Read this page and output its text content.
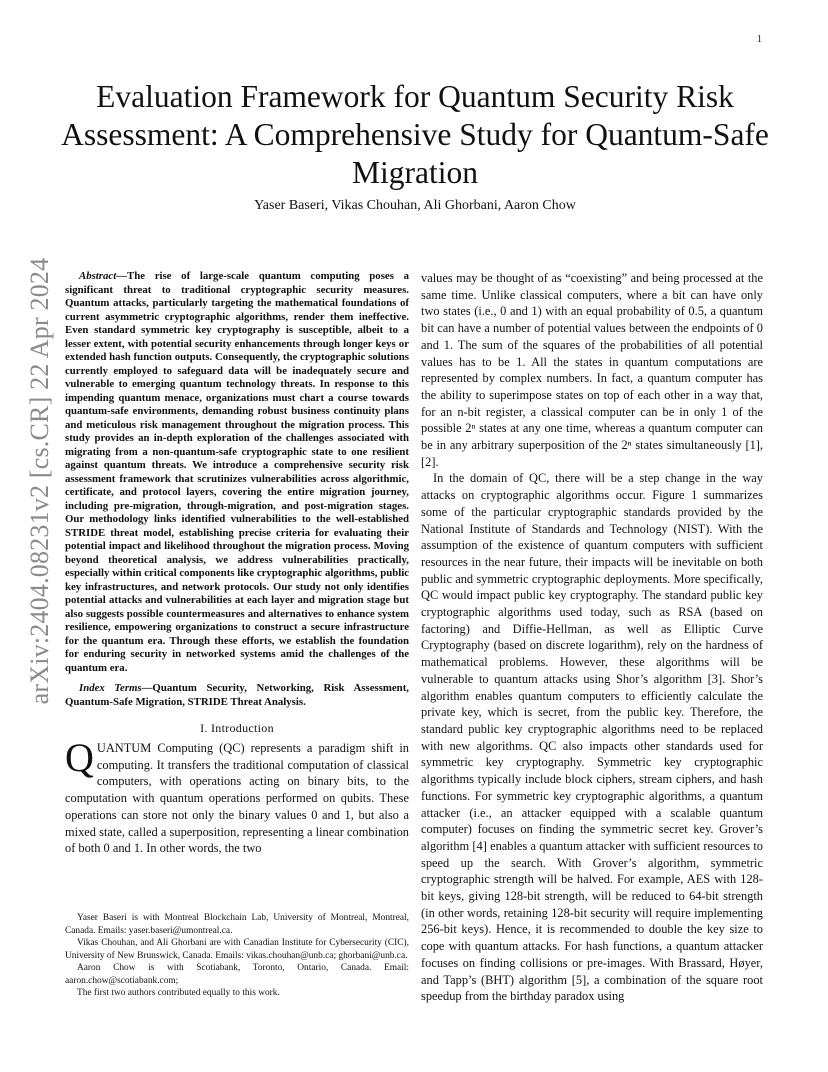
1
arXiv:2404.08231v2 [cs.CR] 22 Apr 2024
Evaluation Framework for Quantum Security Risk Assessment: A Comprehensive Study for Quantum-Safe Migration
Yaser Baseri, Vikas Chouhan, Ali Ghorbani, Aaron Chow

Abstract—The rise of large-scale quantum computing poses a significant threat to traditional cryptographic security measures. Quantum attacks, particularly targeting the mathematical foundations of current asymmetric cryptographic algorithms, render them ineffective. Even standard symmetric key cryptography is susceptible, albeit to a lesser extent, with potential security enhancements through longer keys or extended hash function outputs. Consequently, the cryptographic solutions currently employed to safeguard data will be inadequately secure and vulnerable to emerging quantum technology threats. In response to this impending quantum menace, organizations must chart a course towards quantum-safe environments, demanding robust business continuity plans and meticulous risk management throughout the migration process. This study provides an in-depth exploration of the challenges associated with migrating from a non-quantum-safe cryptographic state to one resilient against quantum threats. We introduce a comprehensive security risk assessment framework that scrutinizes vulnerabilities across algorithmic, certificate, and protocol layers, covering the entire migration journey, including pre-migration, through-migration, and post-migration stages. Our methodology links identified vulnerabilities to the well-established STRIDE threat model, establishing precise criteria for evaluating their potential impact and likelihood throughout the migration process. Moving beyond theoretical analysis, we address vulnerabilities practically, especially within critical components like cryptographic algorithms, public key infrastructures, and network protocols. Our study not only identifies potential attacks and vulnerabilities at each layer and migration stage but also suggests possible countermeasures and alternatives to enhance system resilience, empowering organizations to construct a secure infrastructure for the quantum era. Through these efforts, we establish the foundation for enduring security in networked systems amid the challenges of the quantum era.

Index Terms—Quantum Security, Networking, Risk Assessment, Quantum-Safe Migration, STRIDE Threat Analysis.

I. Introduction

QUANTUM Computing (QC) represents a paradigm shift in computing. It transfers the traditional computation of classical computers, with operations acting on binary bits, to the computation with quantum operations performed on qubits. These operations can store not only the binary values 0 and 1, but also a mixed state, called a superposition, representing a linear combination of both 0 and 1. In other words, the two

Yaser Baseri is with Montreal Blockchain Lab, University of Montreal, Montreal, Canada. Emails: yaser.baseri@umontreal.ca.

Vikas Chouhan, and Ali Ghorbani are with Canadian Institute for Cybersecurity (CIC), University of New Brunswick, Canada. Emails: vikas.chouhan@unb.ca; ghorbani@unb.ca.

Aaron Chow is with Scotiabank, Toronto, Ontario, Canada. Email: aaron.chow@scotiabank.com;

The first two authors contributed equally to this work.

values may be thought of as “coexisting” and being processed at the same time. Unlike classical computers, where a bit can have only two states (i.e., 0 and 1) with an equal probability of 0.5, a quantum bit can have a number of potential values between the endpoints of 0 and 1. The sum of the squares of the probabilities of all potential values has to be 1. All the states in quantum computations are represented by complex numbers. In fact, a quantum computer has the ability to superimpose states on top of each other in a way that, for an n-bit register, a classical computer can be in only 1 of the possible 2ⁿ states at any one time, whereas a quantum computer can be in any arbitrary superposition of the 2ⁿ states simultaneously [1], [2].

In the domain of QC, there will be a step change in the way attacks on cryptographic algorithms occur. Figure 1 summarizes some of the particular cryptographic standards provided by the National Institute of Standards and Technology (NIST). With the assumption of the existence of quantum computers with sufficient resources in the near future, their impacts will be inevitable on both public and symmetric cryptographic deployments. More specifically, QC would impact public key cryptography. The standard public key cryptographic algorithms used today, such as RSA (based on factoring) and Diffie-Hellman, as well as Elliptic Curve Cryptography (based on discrete logarithm), rely on the hardness of mathematical problems. However, these algorithms will be vulnerable to quantum attacks using Shor’s algorithm [3]. Shor’s algorithm enables quantum computers to efficiently calculate the private key, which is secret, from the public key. Therefore, the standard public key cryptographic algorithms need to be replaced with new algorithms. QC also impacts other standards used for symmetric key cryptography. Symmetric key cryptographic algorithms typically include block ciphers, stream ciphers, and hash functions. For symmetric key cryptographic algorithms, a quantum attacker (i.e., an attacker equipped with a scalable quantum computer) focuses on finding the symmetric secret key. Grover’s algorithm [4] enables a quantum attacker with sufficient resources to speed up the search. With Grover’s algorithm, symmetric cryptographic strength will be halved. For example, AES with 128-bit keys, giving 128-bit strength, will be reduced to 64-bit strength (in other words, retaining 128-bit security will require implementing 256-bit keys). Hence, it is recommended to double the key size to cope with quantum attacks. For hash functions, a quantum attacker focuses on finding collisions or pre-images. With Brassard, Høyer, and Tapp’s (BHT) algorithm [5], a combination of the square root speedup from the birthday paradox using
